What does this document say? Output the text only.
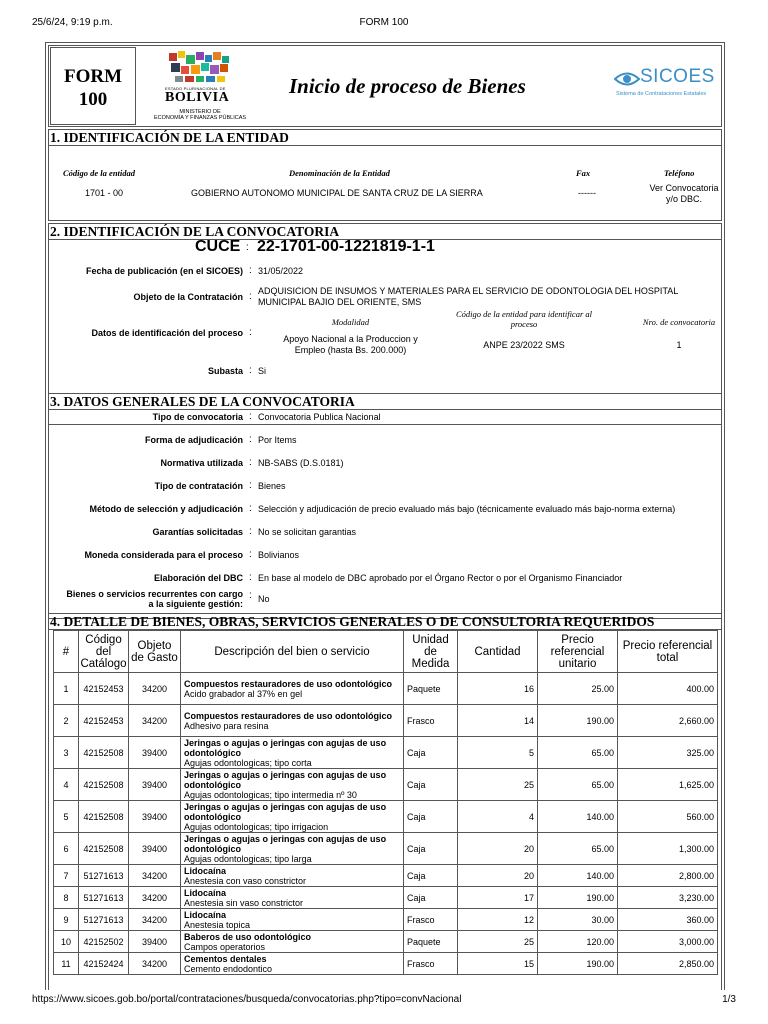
25/6/24, 9:19 p.m.	FORM 100
FORM
100
ESTADO PLURINACIONAL DE
BOLIVIA
MINISTERIO DE
ECONOMÍA Y FINANZAS PÚBLICAS
Inicio de proceso de Bienes	SICOES
Sistema de Contrataciones Estatales
1. IDENTIFICACIÓN DE LA ENTIDAD
Código de la entidad	Denominación de la Entidad	Fax	Teléfono
1701 - 00	GOBIERNO AUTONOMO MUNICIPAL DE SANTA CRUZ DE LA SIERRA	------	Ver Convocatoria
y/o DBC.
2. IDENTIFICACIÓN DE LA CONVOCATORIA
CUCE : 22-1701-00-1221819-1-1
Fecha de publicación (en el SICOES) : 31/05/2022
Objeto de la Contratación : ADQUISICION DE INSUMOS Y MATERIALES PARA EL SERVICIO DE ODONTOLOGIA DEL HOSPITAL
MUNICIPAL BAJIO DEL ORIENTE, SMS
Datos de identificación del proceso :
Modalidad
Código de la entidad para identificar al
proceso	Nro. de convocatoria
Apoyo Nacional a la Produccion y
Empleo (hasta Bs. 200.000)	ANPE 23/2022 SMS	1
Subasta : Si
3. DATOS GENERALES DE LA CONVOCATORIA
Tipo de convocatoria : Convocatoria Publica Nacional
Forma de adjudicación : Por Items
Normativa utilizada : NB-SABS (D.S.0181)
Tipo de contratación : Bienes
Método de selección y adjudicación : Selección y adjudicación de precio evaluado más bajo (técnicamente evaluado más bajo-norma externa)
Garantías solicitadas : No se solicitan garantias
Moneda considerada para el proceso : Bolivianos
Elaboración del DBC : En base al modelo de DBC aprobado por el Órgano Rector o por el Organismo Financiador
Bienes o servicios recurrentes con cargo
a la siguiente gestión:
: No
4. DETALLE DE BIENES, OBRAS, SERVICIOS GENERALES O DE CONSULTORIA REQUERIDOS
#	Código del Catálogo	Objeto de Gasto	Descripción del bien o servicio	Unidad de Medida	Cantidad	Precio referencial unitario	Precio referencial total
1	42152453	34200	Compuestos restauradores de uso odontológico
Acido grabador al 37% en gel	Paquete	16	25.00	400.00
2	42152453	34200	Compuestos restauradores de uso odontológico
Adhesivo para resina	Frasco	14	190.00	2,660.00
3	42152508	39400	Jeringas o agujas o jeringas con agujas de uso odontológico
Agujas odontologicas; tipo corta	Caja	5	65.00	325.00
4	42152508	39400	Jeringas o agujas o jeringas con agujas de uso odontológico
Agujas odontologicas; tipo intermedia nº 30	Caja	25	65.00	1,625.00
5	42152508	39400	Jeringas o agujas o jeringas con agujas de uso odontológico
Agujas odontologicas; tipo irrigacion	Caja	4	140.00	560.00
6	42152508	39400	Jeringas o agujas o jeringas con agujas de uso odontológico
Agujas odontologicas; tipo larga	Caja	20	65.00	1,300.00
7	51271613	34200	Lidocaína
Anestesia con vaso constrictor	Caja	20	140.00	2,800.00
8	51271613	34200	Lidocaína
Anestesia sin vaso constrictor	Caja	17	190.00	3,230.00
9	51271613	34200	Lidocaína
Anestesia topica	Frasco	12	30.00	360.00
10	42152502	39400	Baberos de uso odontológico
Campos operatorios	Paquete	25	120.00	3,000.00
11	42152424	34200	Cementos dentales
Cemento endodontico	Frasco	15	190.00	2,850.00
https://www.sicoes.gob.bo/portal/contrataciones/busqueda/convocatorias.php?tipo=convNacional	1/3
